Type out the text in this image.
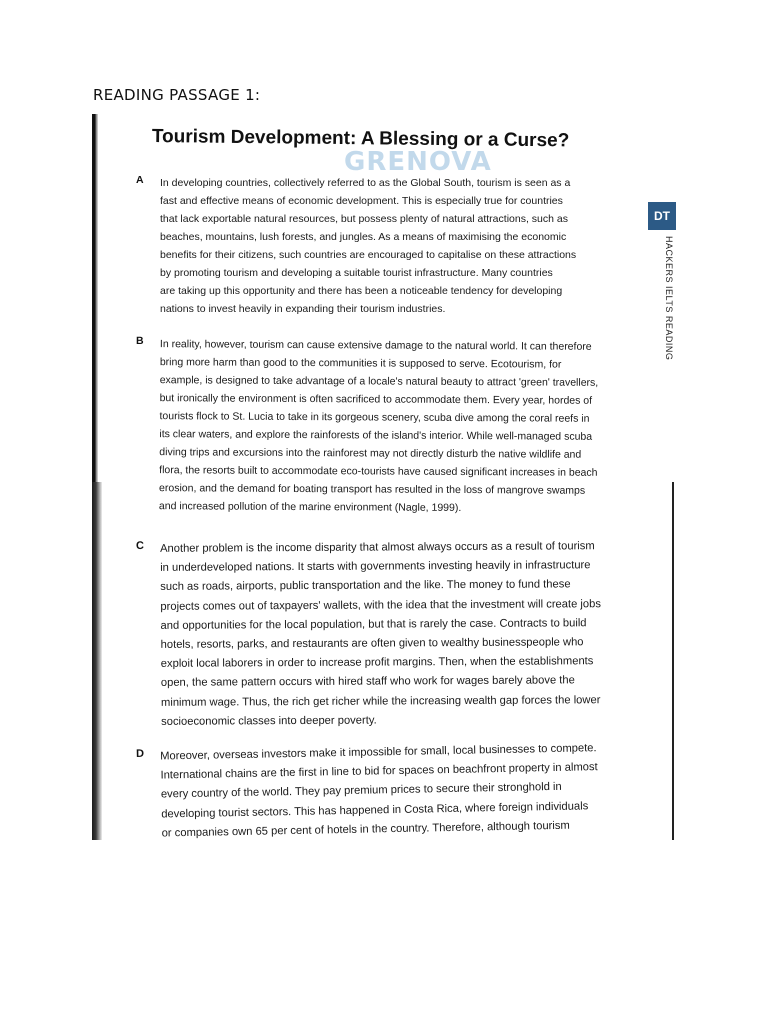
READING PASSAGE 1:
Tourism Development: A Blessing or a Curse?
GRENOVA
DT
HACKERS IELTS READING
A In developing countries, collectively referred to as the Global South, tourism is seen as a
fast and effective means of economic development. This is especially true for countries
that lack exportable natural resources, but possess plenty of natural attractions, such as
beaches, mountains, lush forests, and jungles. As a means of maximising the economic
benefits for their citizens, such countries are encouraged to capitalise on these attractions
by promoting tourism and developing a suitable tourist infrastructure. Many countries
are taking up this opportunity and there has been a noticeable tendency for developing
nations to invest heavily in expanding their tourism industries.
B In reality, however, tourism can cause extensive damage to the natural world. It can therefore
bring more harm than good to the communities it is supposed to serve. Ecotourism, for
example, is designed to take advantage of a locale's natural beauty to attract 'green' travellers,
but ironically the environment is often sacrificed to accommodate them. Every year, hordes of
tourists flock to St. Lucia to take in its gorgeous scenery, scuba dive among the coral reefs in
its clear waters, and explore the rainforests of the island's interior. While well-managed scuba
diving trips and excursions into the rainforest may not directly disturb the native wildlife and
flora, the resorts built to accommodate eco-tourists have caused significant increases in beach
erosion, and the demand for boating transport has resulted in the loss of mangrove swamps
and increased pollution of the marine environment (Nagle, 1999).
C Another problem is the income disparity that almost always occurs as a result of tourism
in underdeveloped nations. It starts with governments investing heavily in infrastructure
such as roads, airports, public transportation and the like. The money to fund these
projects comes out of taxpayers' wallets, with the idea that the investment will create jobs
and opportunities for the local population, but that is rarely the case. Contracts to build
hotels, resorts, parks, and restaurants are often given to wealthy businesspeople who
exploit local laborers in order to increase profit margins. Then, when the establishments
open, the same pattern occurs with hired staff who work for wages barely above the
minimum wage. Thus, the rich get richer while the increasing wealth gap forces the lower
socioeconomic classes into deeper poverty.
D Moreover, overseas investors make it impossible for small, local businesses to compete.
International chains are the first in line to bid for spaces on beachfront property in almost
every country of the world. They pay premium prices to secure their stronghold in
developing tourist sectors. This has happened in Costa Rica, where foreign individuals
or companies own 65 per cent of hotels in the country. Therefore, although tourism
